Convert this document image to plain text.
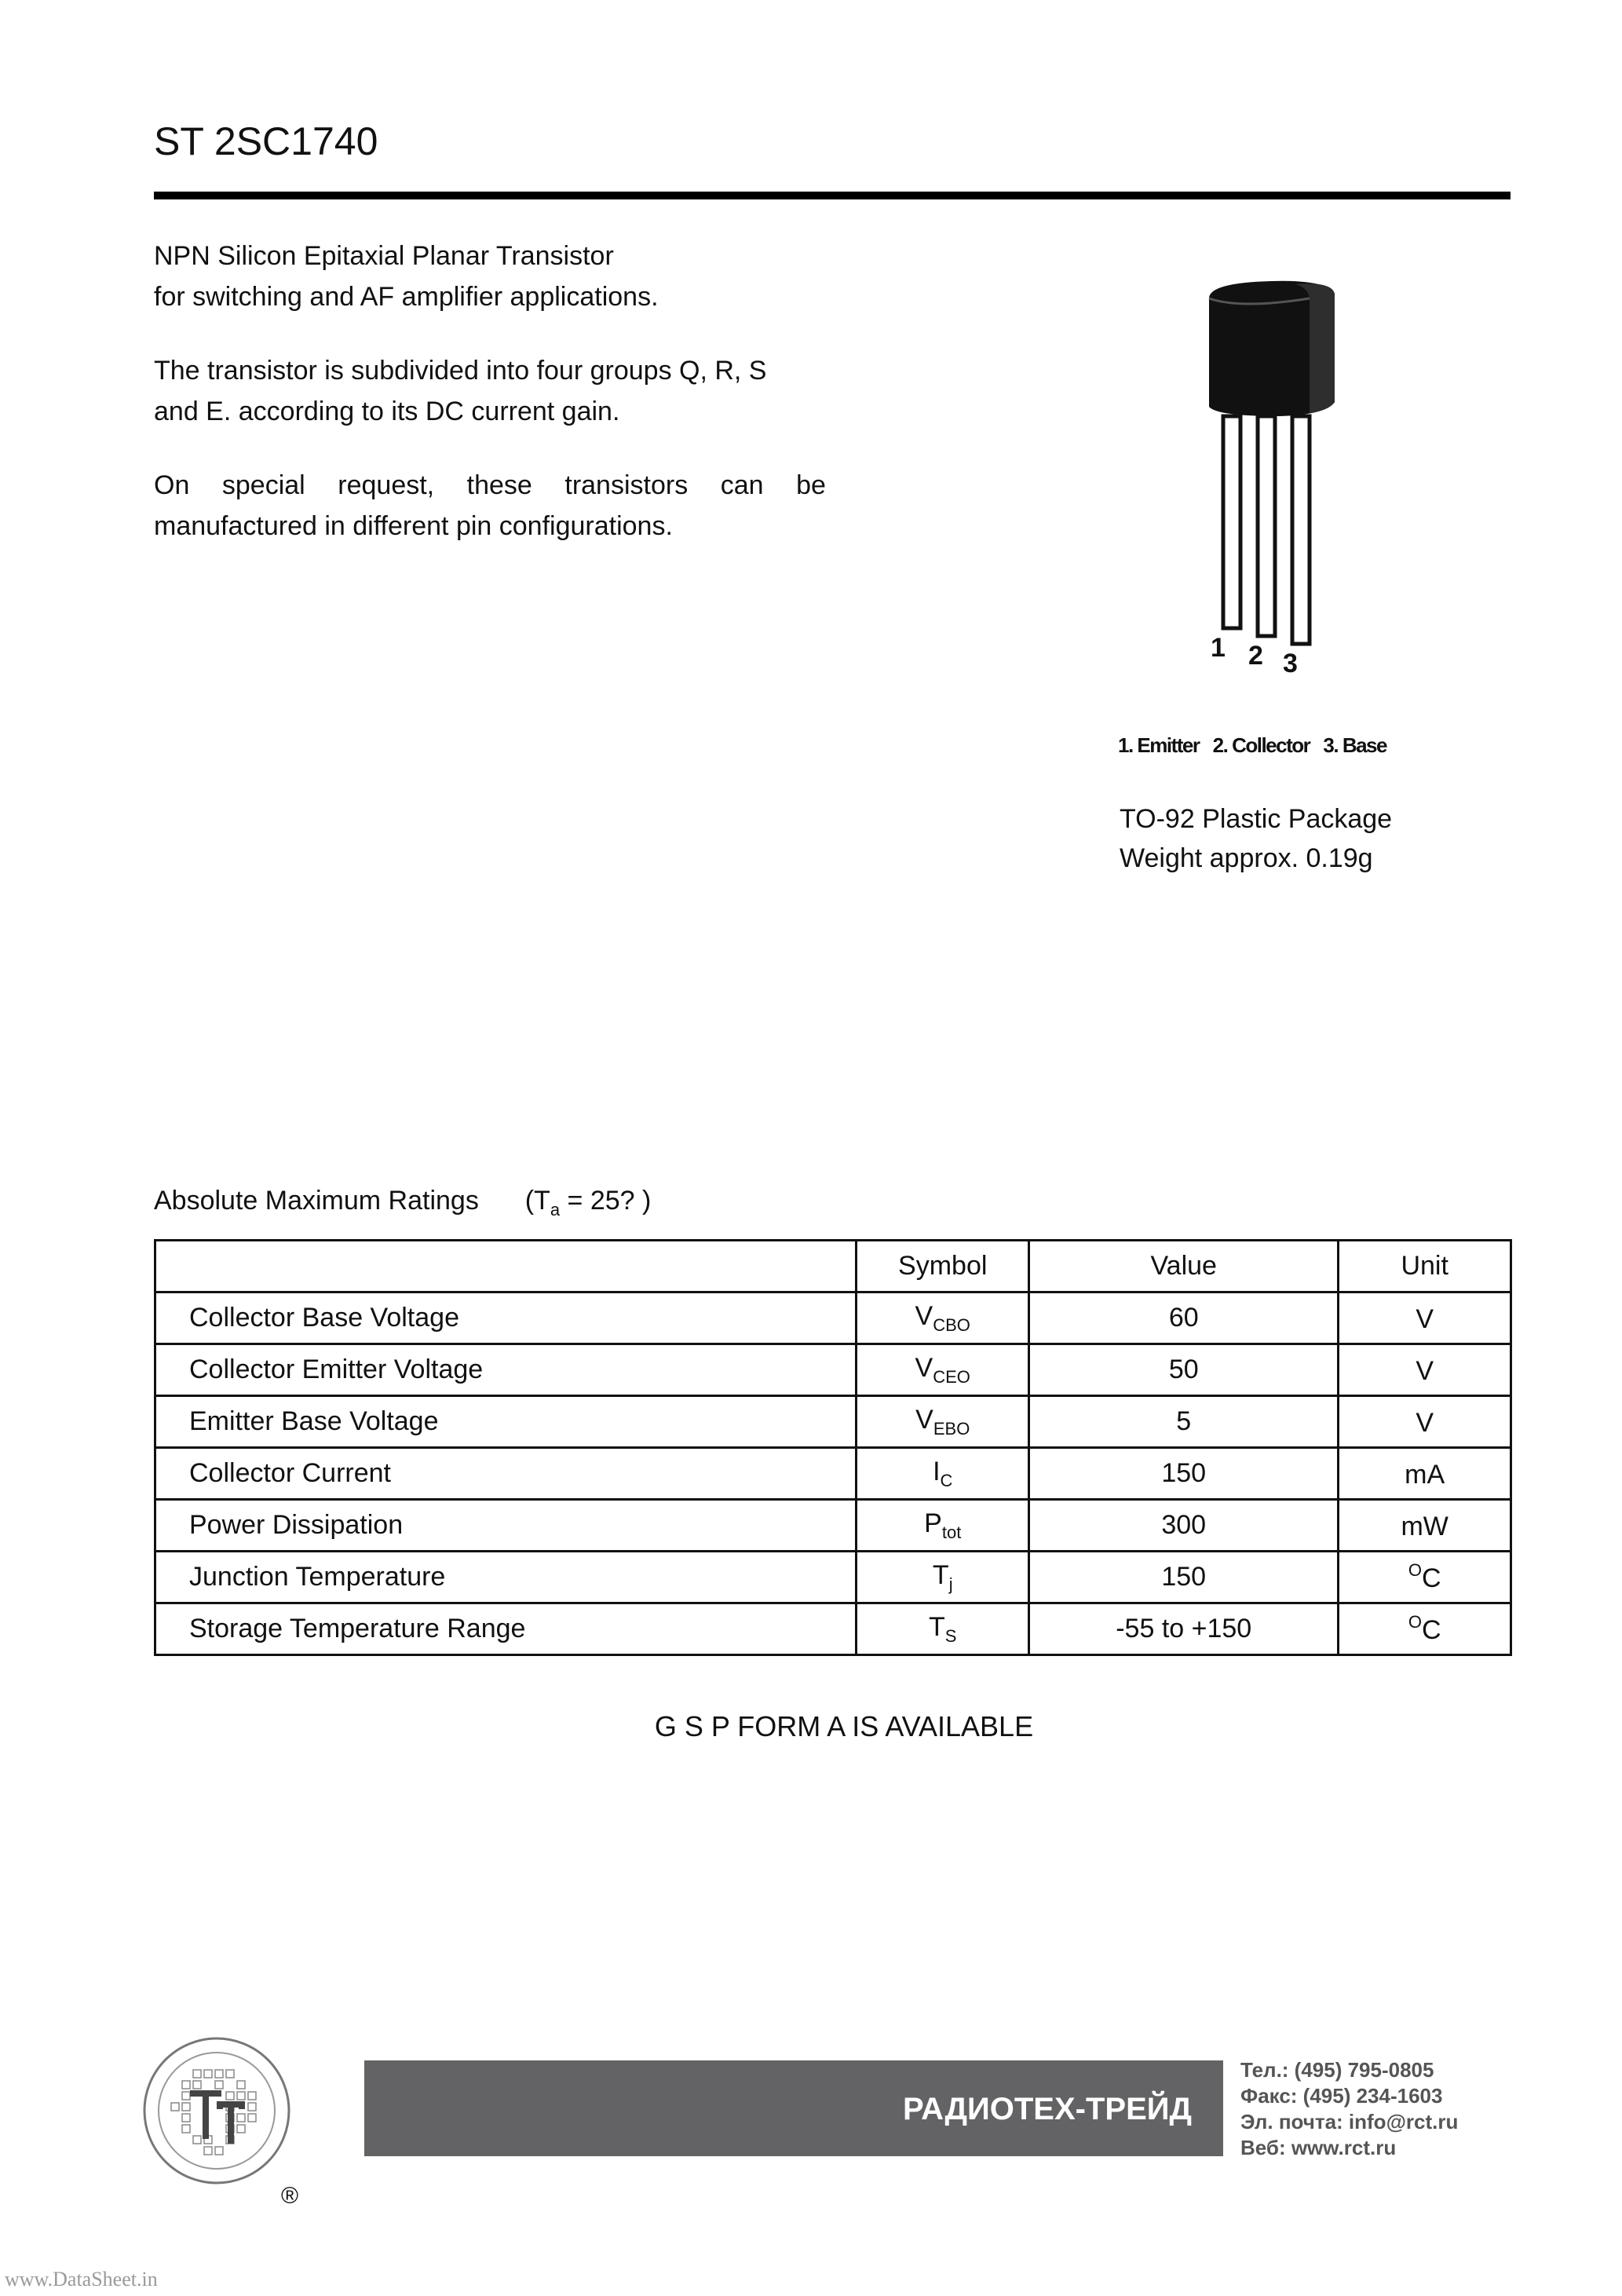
ST 2SC1740
NPN Silicon Epitaxial Planar Transistor
for switching and AF amplifier applications.
The transistor is subdivided into four groups Q, R, S
and E. according to its DC current gain.
On special request, these transistors can be
manufactured in different pin configurations.
1 2 3
1. Emitter   2. Collector   3. Base
TO-92 Plastic Package
Weight approx. 0.19g
Absolute Maximum Ratings ($T_a = 25$? )
	Symbol	Value	Unit
Collector Base Voltage	$V_{CBO}$	60	V
Collector Emitter Voltage	$V_{CEO}$	50	V
Emitter Base Voltage	$V_{EBO}$	5	V
Collector Current	$I_C$	150	mA
Power Dissipation	$P_{tot}$	300	mW
Junction Temperature	$T_j$	150	$^O$C
Storage Temperature Range	$T_S$	-55 to +150	$^O$C
G S P FORM A IS AVAILABLE
®
РАДИОТЕХ-ТРЕЙД
Тел.: (495) 795-0805
Факс: (495) 234-1603
Эл. почта: info@rct.ru
Веб: www.rct.ru
www.DataSheet.in
